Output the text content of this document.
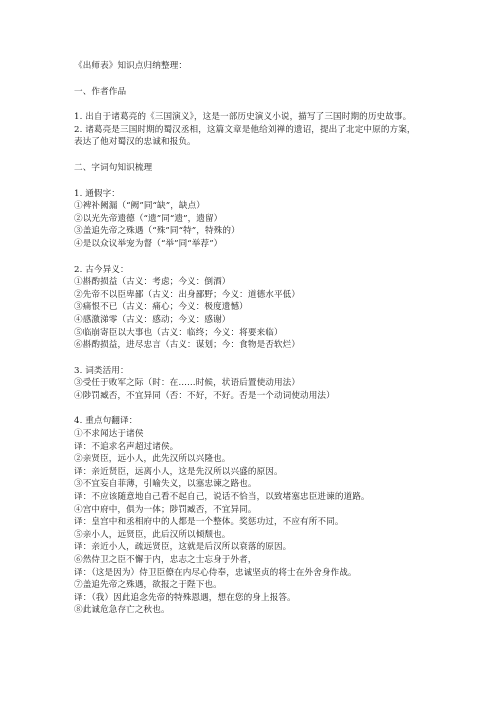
《出师表》知识点归纳整理：
一、作者作品
1. 出自于诸葛亮的《三国演义》，这是一部历史演义小说，描写了三国时期的历史故事。
2. 诸葛亮是三国时期的蜀汉丞相，这篇文章是他给刘禅的遗诏，提出了北定中原的方案，
表达了他对蜀汉的忠诚和报负。
二、字词句知识梳理
1. 通假字：
①裨补阙漏（“阙”同“缺”，缺点）
②以光先帝遗德（“遗”同“遗”，遗留）
③盖追先帝之殊遇（“殊”同“特”，特殊的）
④是以众议举宠为督（“举”同“举荐”）
2. 古今异义：
①斟酌损益（古义：考虑；今义：倒酒）
②先帝不以臣卑鄙（古义：出身鄙野；今义：道德水平低）
③痛恨不已（古义：痛心；今义：极度遗憾）
④感激涕零（古义：感动；今义：感谢）
⑤临崩寄臣以大事也（古义：临终；今义：将要来临）
⑥斟酌损益，进尽忠言（古义：谋划；今：食物是否软烂）
3. 词类活用：
③受任于败军之际（时：在……时候，状语后置使动用法）
④陟罚臧否，不宜异同（否：不好，不好。否是一个动词使动用法）
4. 重点句翻译：
①不求闻达于诸侯
译：不追求名声超过诸侯。
②亲贤臣，远小人，此先汉所以兴隆也。
译：亲近贤臣，远离小人，这是先汉所以兴盛的原因。
③不宜妄自菲薄，引喻失义，以塞忠谏之路也。
译：不应该随意地自己看不起自己，说话不恰当，以致堵塞忠臣进谏的道路。
④宫中府中，俱为一体；陟罚臧否，不宜异同。
译：皇宫中和丞相府中的人都是一个整体。奖惩功过，不应有所不同。
⑤亲小人，远贤臣，此后汉所以倾颓也。
译：亲近小人，疏远贤臣，这就是后汉所以衰落的原因。
⑥然侍卫之臣不懈于内，忠志之士忘身于外者，
译：（这是因为）侍卫臣僚在内尽心侍奉，忠诚坚贞的将士在外舍身作战。
⑦盖追先帝之殊遇，欲报之于陛下也。
译：（我）因此追念先帝的特殊恩遇，想在您的身上报答。
⑧此诚危急存亡之秋也。
